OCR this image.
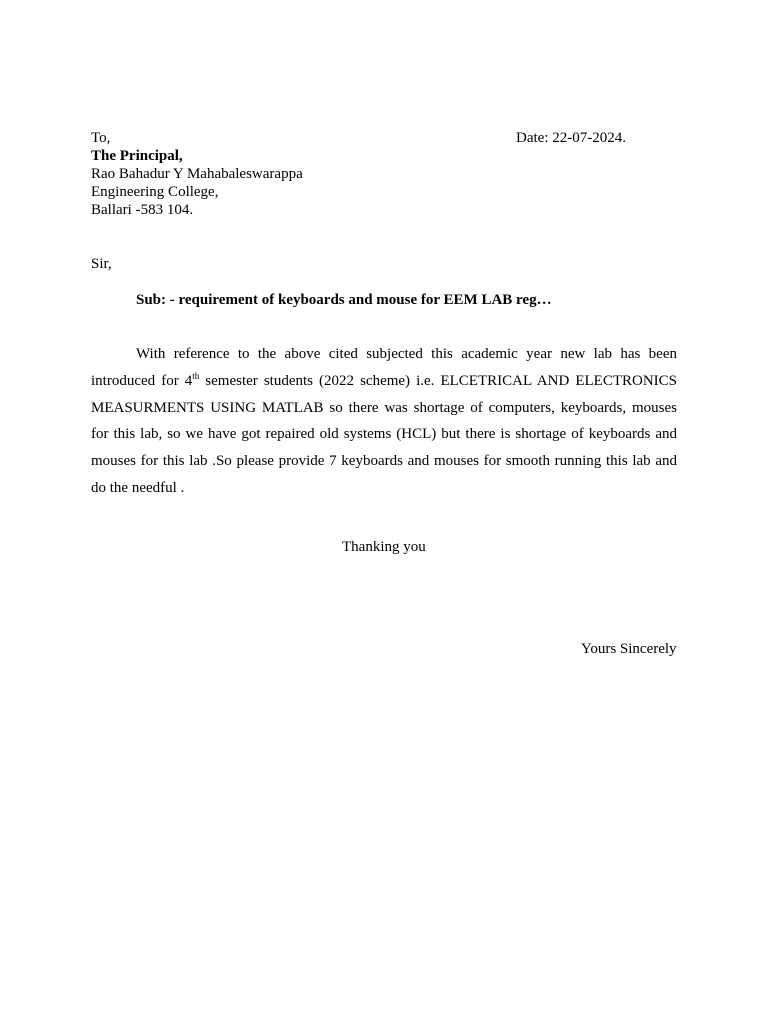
To,	Date: 22-07-2024.
The Principal,
Rao Bahadur Y Mahabaleswarappa
Engineering College,
Ballari -583 104.
Sir,
Sub: - requirement of keyboards and mouse for EEM LAB reg…

With reference to the above cited subjected this academic year new lab has been introduced for 4th semester students (2022 scheme) i.e. ELCETRICAL AND ELECTRONICS MEASURMENTS USING MATLAB so there was shortage of computers, keyboards, mouses for this lab, so we have got repaired old systems (HCL) but there is shortage of keyboards and mouses for this lab .So please provide 7 keyboards and mouses for smooth running this lab and do the needful .

Thanking you
Yours Sincerely
